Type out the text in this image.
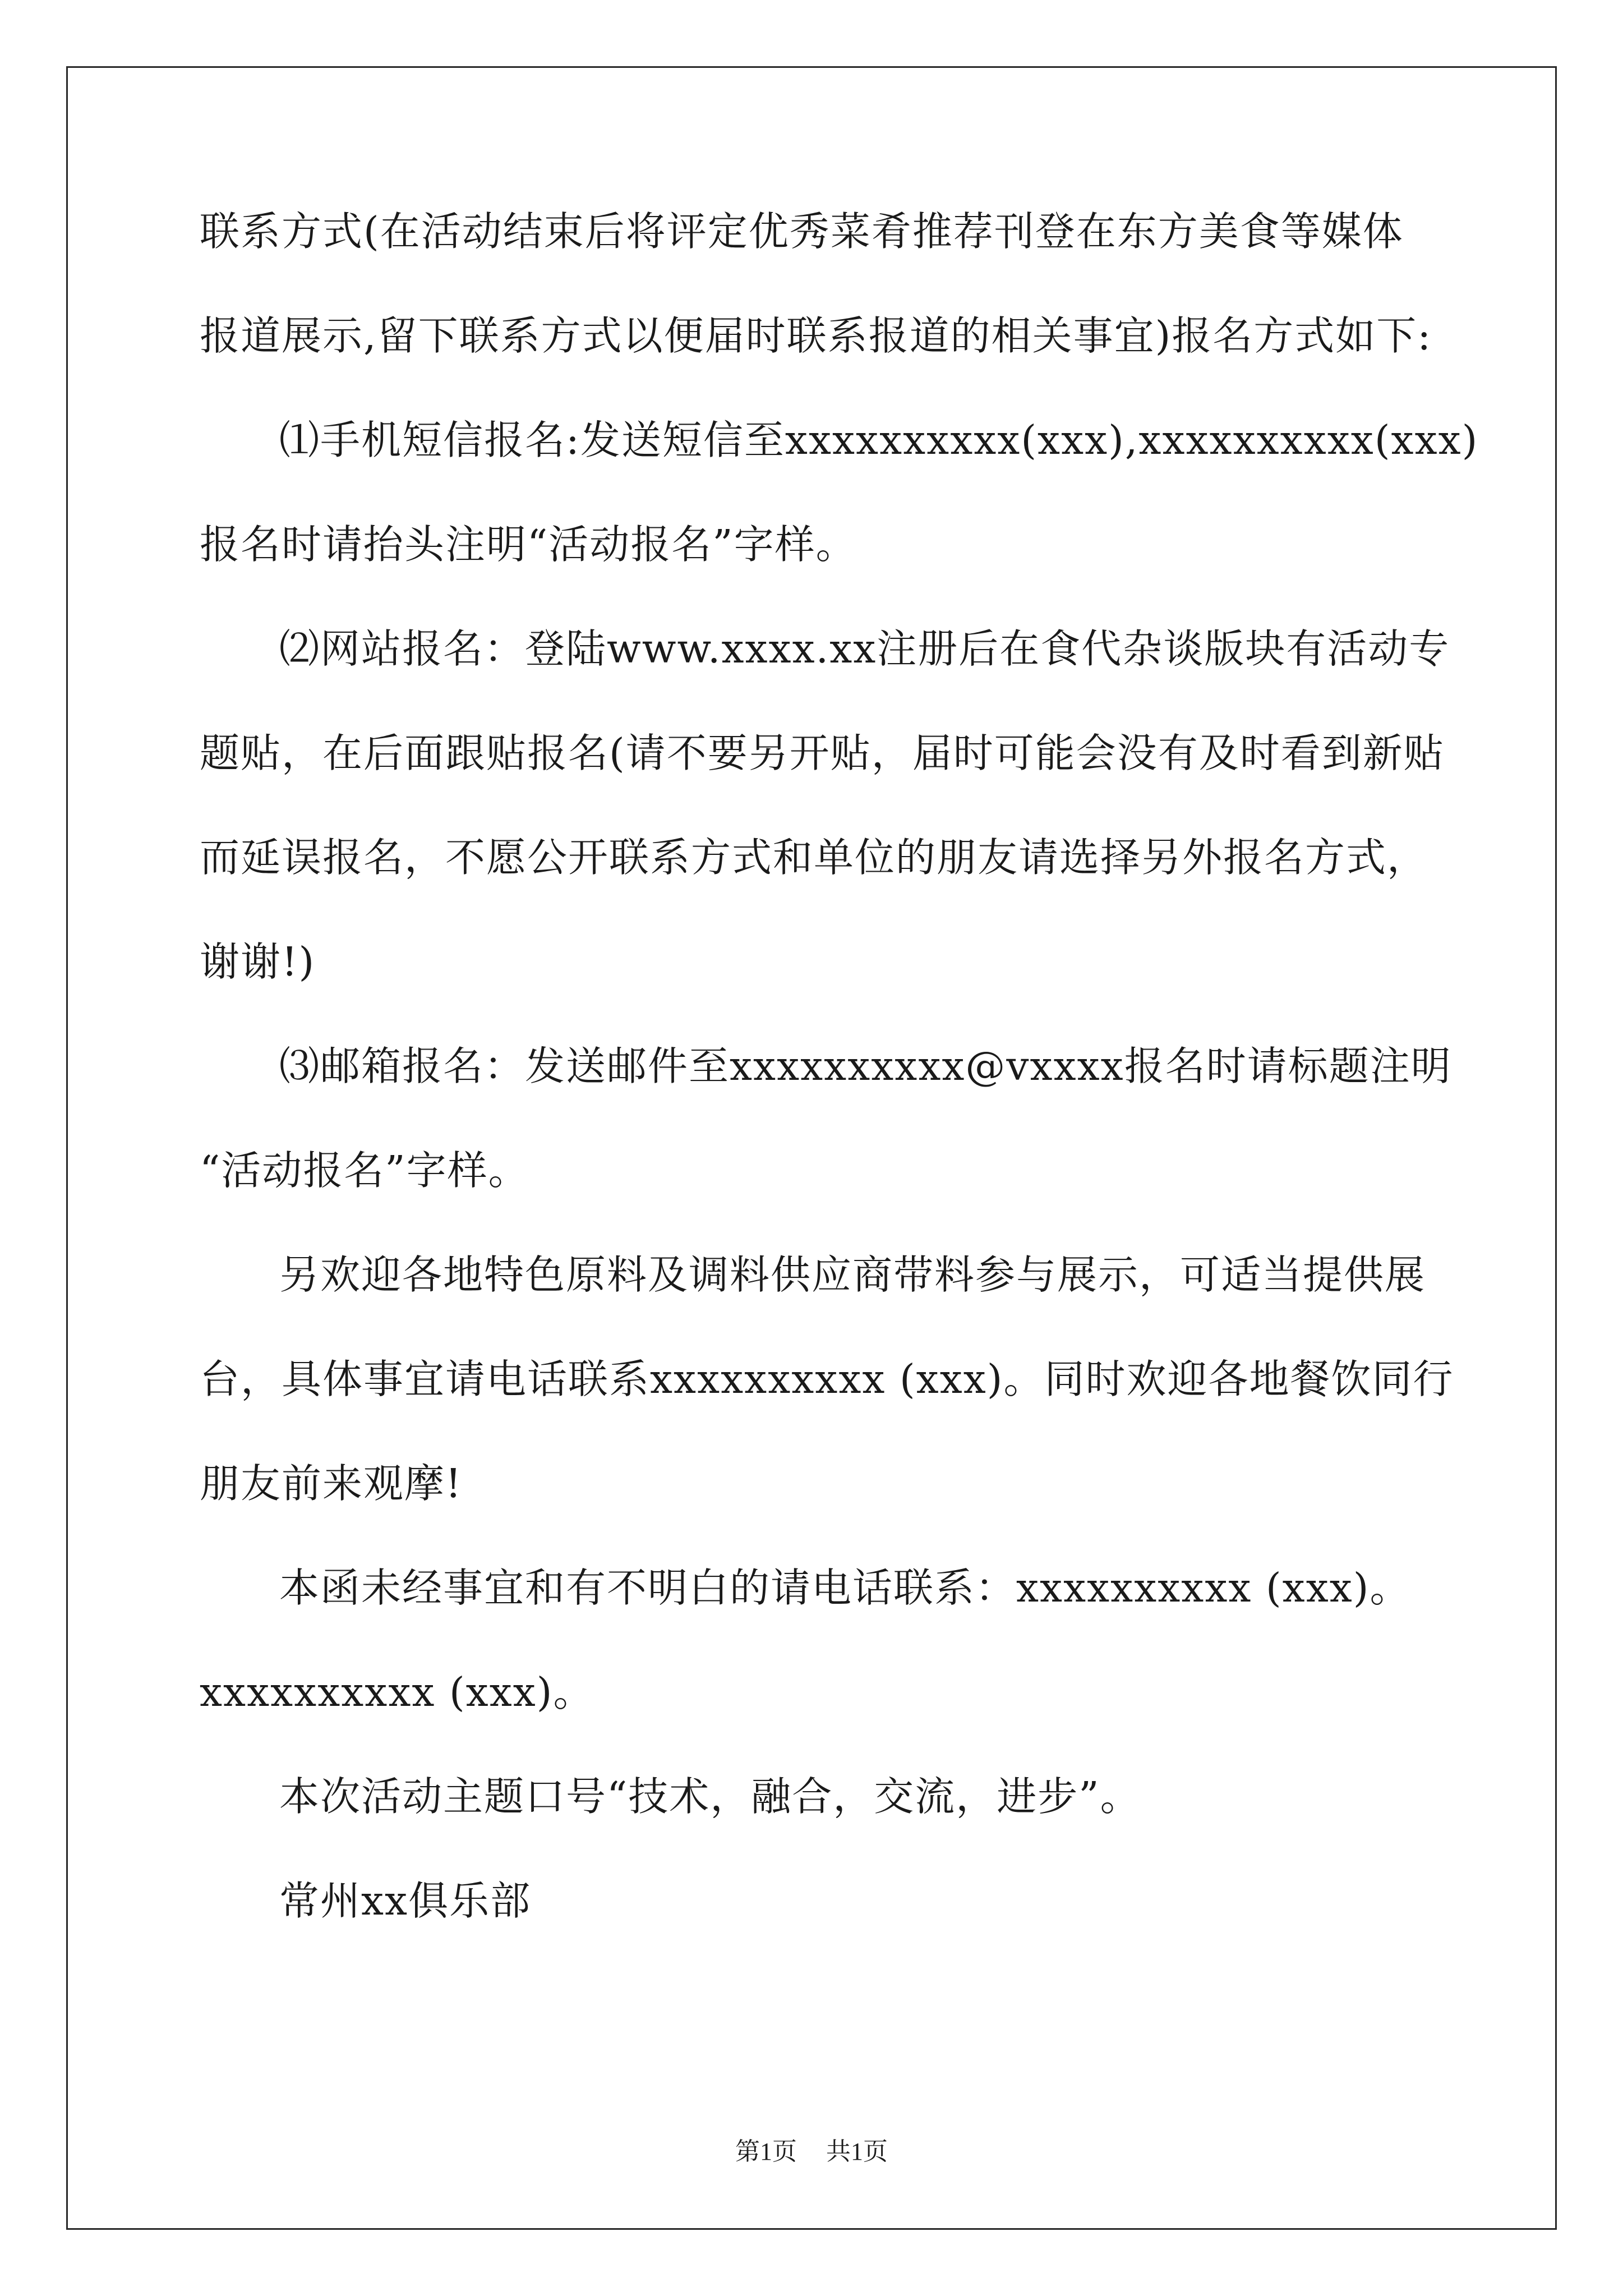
联系方式(在活动结束后将评定优秀菜肴推荐刊登在东方美食等媒体
报道展示,留下联系方式以便届时联系报道的相关事宜)报名方式如下:
⑴手机短信报名:发送短信至xxxxxxxxxx(xxx),xxxxxxxxxx(xxx)
报名时请抬头注明“活动报名”字样。
⑵网站报名：登陆www.xxxx.xx注册后在食代杂谈版块有活动专
题贴，在后面跟贴报名(请不要另开贴，届时可能会没有及时看到新贴
而延误报名，不愿公开联系方式和单位的朋友请选择另外报名方式，
谢谢!)
⑶邮箱报名：发送邮件至xxxxxxxxxx@vxxxx报名时请标题注明
“活动报名”字样。
另欢迎各地特色原料及调料供应商带料参与展示，可适当提供展
台，具体事宜请电话联系xxxxxxxxxx (xxx)。同时欢迎各地餐饮同行
朋友前来观摩!
本函未经事宜和有不明白的请电话联系：xxxxxxxxxx (xxx)。
xxxxxxxxxx (xxx)。
本次活动主题口号“技术，融合，交流，进步”。
常州xx俱乐部
第1页 共1页
